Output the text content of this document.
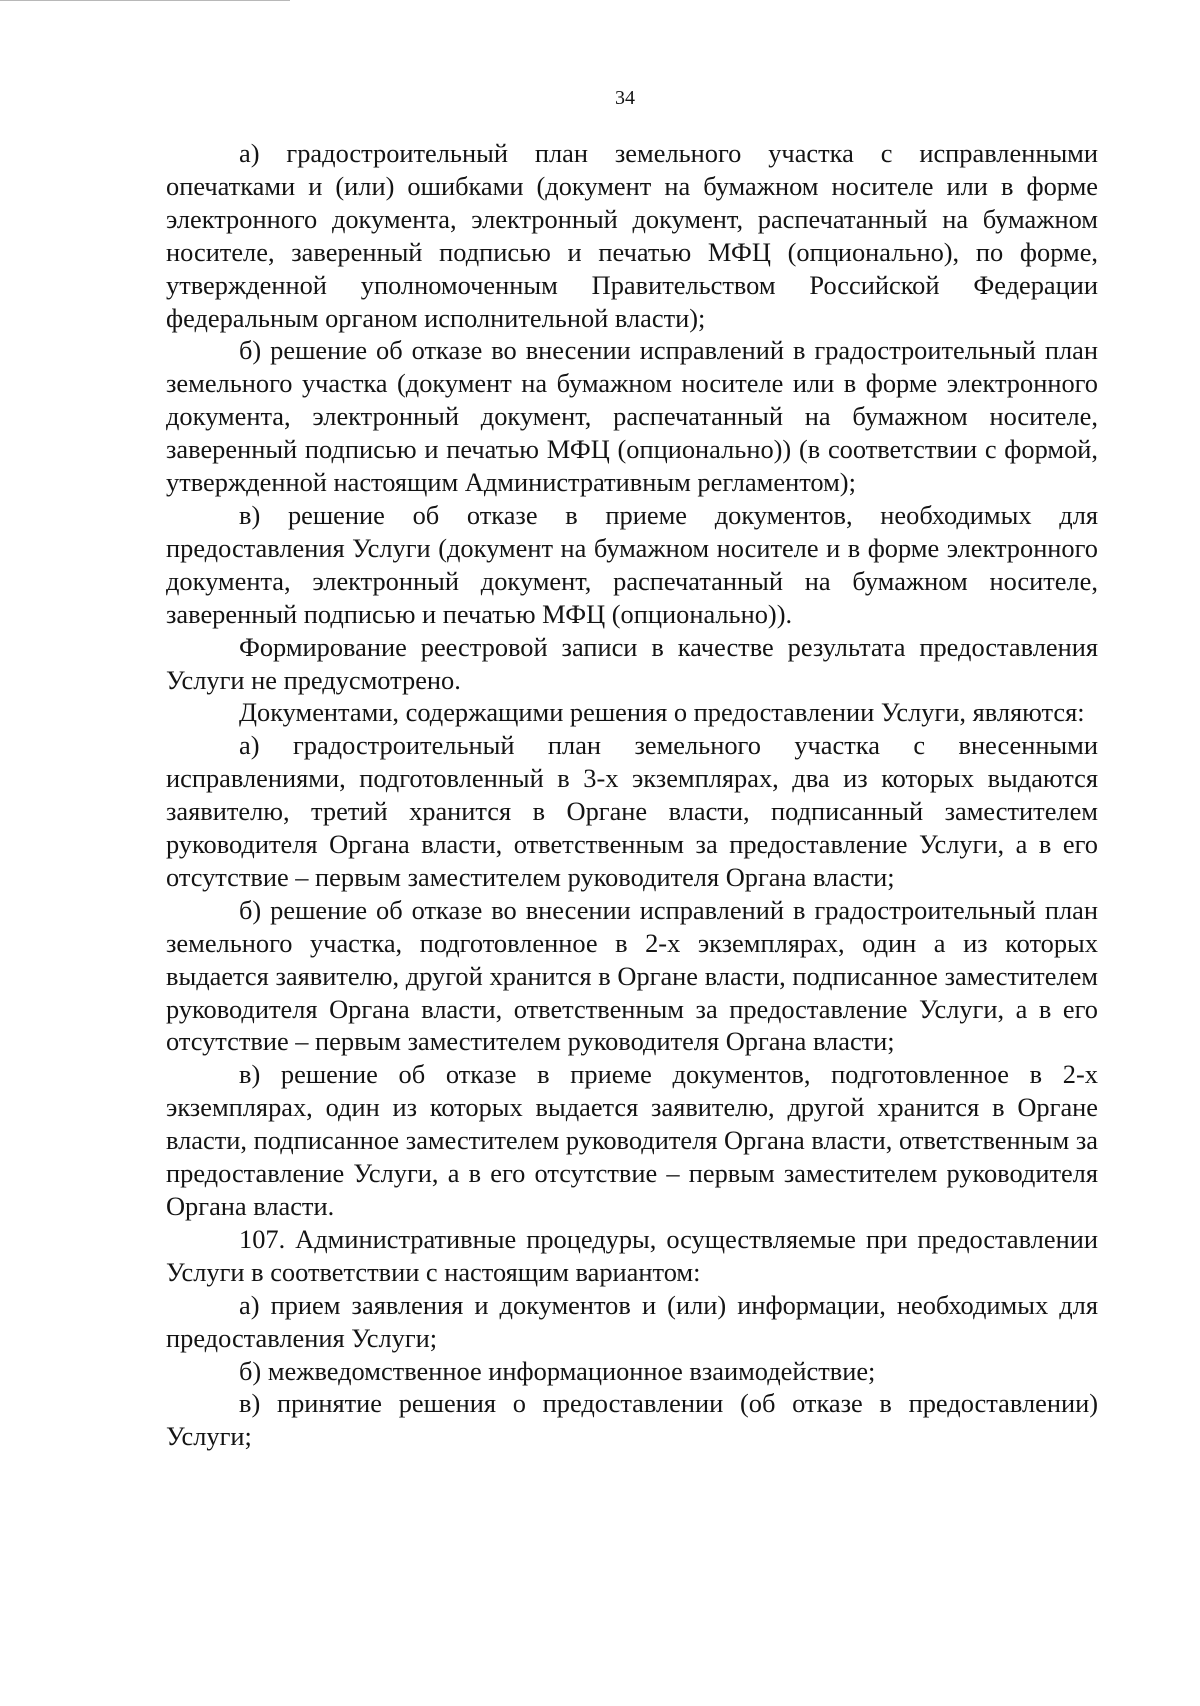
34

а) градостроительный план земельного участка с исправленными опечатками и (или) ошибками (документ на бумажном носителе или в форме электронного документа, электронный документ, распечатанный на бумажном носителе, заверенный подписью и печатью МФЦ (опционально), по форме, утвержденной уполномоченным Правительством Российской Федерации федеральным органом исполнительной власти);

б) решение об отказе во внесении исправлений в градостроительный план земельного участка (документ на бумажном носителе или в форме электронного документа, электронный документ, распечатанный на бумажном носителе, заверенный подписью и печатью МФЦ (опционально)) (в соответствии с формой, утвержденной настоящим Административным регламентом);

в) решение об отказе в приеме документов, необходимых для предоставления Услуги (документ на бумажном носителе и в форме электронного документа, электронный документ, распечатанный на бумажном носителе, заверенный подписью и печатью МФЦ (опционально)).

Формирование реестровой записи в качестве результата предоставления Услуги не предусмотрено.

Документами, содержащими решения о предоставлении Услуги, являются:

а) градостроительный план земельного участка с внесенными исправлениями, подготовленный в 3-х экземплярах, два из которых выдаются заявителю, третий хранится в Органе власти, подписанный заместителем руководителя Органа власти, ответственным за предоставление Услуги, а в его отсутствие – первым заместителем руководителя Органа власти;

б) решение об отказе во внесении исправлений в градостроительный план земельного участка, подготовленное в 2-х экземплярах, один а из которых выдается заявителю, другой хранится в Органе власти, подписанное заместителем руководителя Органа власти, ответственным за предоставление Услуги, а в его отсутствие – первым заместителем руководителя Органа власти;

в) решение об отказе в приеме документов, подготовленное в 2-х экземплярах, один из которых выдается заявителю, другой хранится в Органе власти, подписанное заместителем руководителя Органа власти, ответственным за предоставление Услуги, а в его отсутствие – первым заместителем руководителя Органа власти.

107. Административные процедуры, осуществляемые при предоставлении Услуги в соответствии с настоящим вариантом:

а) прием заявления и документов и (или) информации, необходимых для предоставления Услуги;

б) межведомственное информационное взаимодействие;

в) принятие решения о предоставлении (об отказе в предоставлении) Услуги;
